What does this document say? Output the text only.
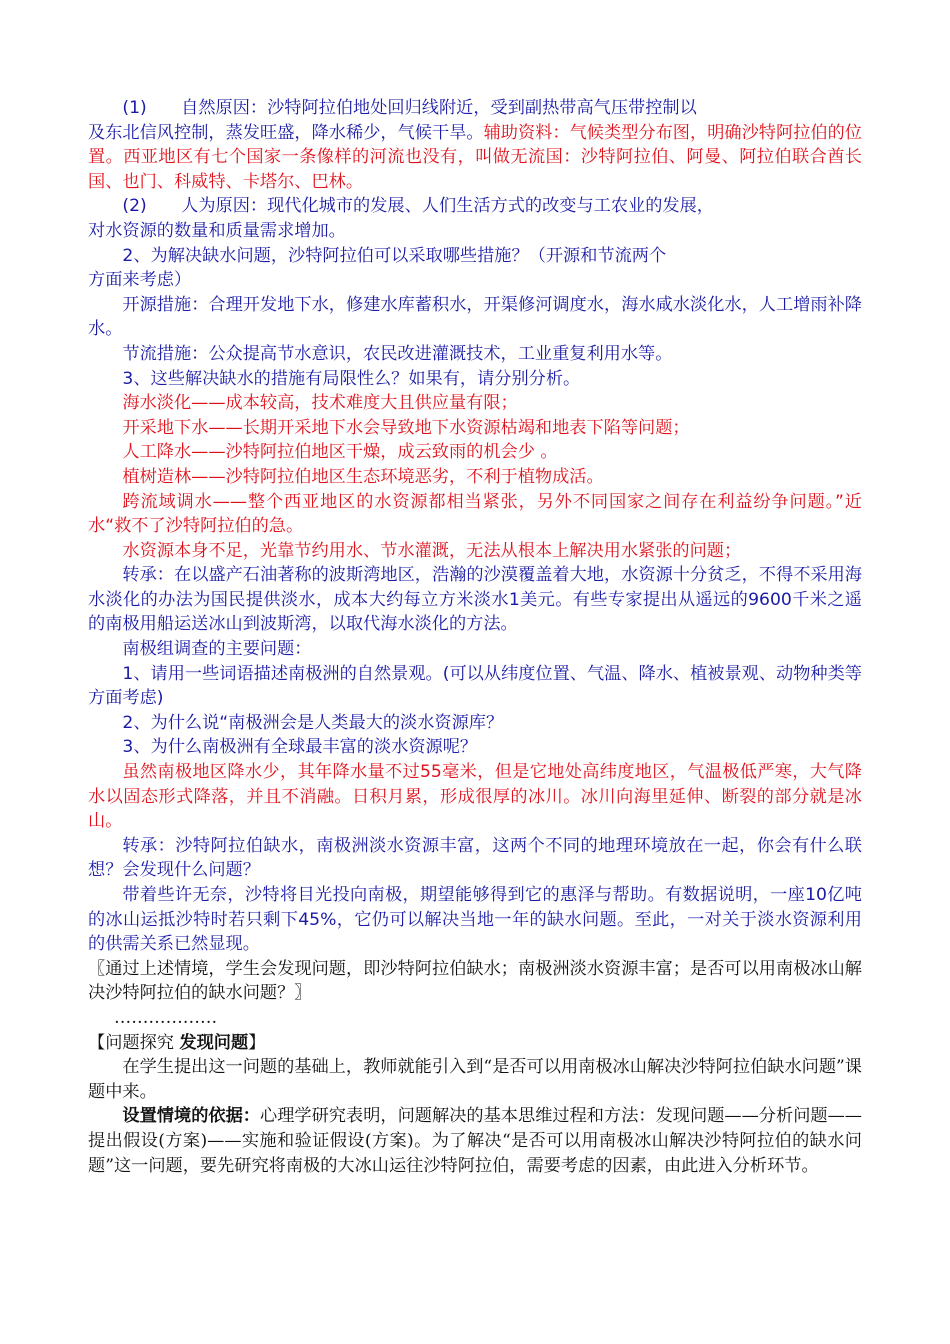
(1) 自然原因：沙特阿拉伯地处回归线附近，受到副热带高气压带控制以

及东北信风控制，蒸发旺盛，降水稀少，气候干旱。辅助资料：气候类型分布图，明确沙特阿拉伯的位置。西亚地区有七个国家一条像样的河流也没有，叫做无流国：沙特阿拉伯、阿曼、阿拉伯联合酋长国、也门、科威特、卡塔尔、巴林。

(2) 人为原因：现代化城市的发展、人们生活方式的改变与工农业的发展，

对水资源的数量和质量需求增加。

2、为解决缺水问题，沙特阿拉伯可以采取哪些措施？（开源和节流两个

方面来考虑）

开源措施：合理开发地下水，修建水库蓄积水，开渠修河调度水，海水咸水淡化水，人工增雨补降水。

节流措施：公众提高节水意识，农民改进灌溉技术，工业重复利用水等。

3、这些解决缺水的措施有局限性么？如果有，请分别分析。

海水淡化——成本较高，技术难度大且供应量有限；

开采地下水——长期开采地下水会导致地下水资源枯竭和地表下陷等问题；

人工降水——沙特阿拉伯地区干燥，成云致雨的机会少 。

植树造林——沙特阿拉伯地区生态环境恶劣，不利于植物成活。

跨流域调水——整个西亚地区的水资源都相当紧张，另外不同国家之间存在利益纷争问题。”近水“救不了沙特阿拉伯的急。

水资源本身不足，光靠节约用水、节水灌溉，无法从根本上解决用水紧张的问题；

转承：在以盛产石油著称的波斯湾地区，浩瀚的沙漠覆盖着大地，水资源十分贫乏，不得不采用海水淡化的办法为国民提供淡水，成本大约每立方米淡水1美元。有些专家提出从遥远的9600千米之遥的南极用船运送冰山到波斯湾，以取代海水淡化的方法。

南极组调查的主要问题：

1、请用一些词语描述南极洲的自然景观。(可以从纬度位置、气温、降水、植被景观、动物种类等方面考虑)

2、为什么说“南极洲会是人类最大的淡水资源库？

3、为什么南极洲有全球最丰富的淡水资源呢？

虽然南极地区降水少，其年降水量不过55毫米，但是它地处高纬度地区，气温极低严寒，大气降水以固态形式降落，并且不消融。日积月累，形成很厚的冰川。冰川向海里延伸、断裂的部分就是冰山。

转承：沙特阿拉伯缺水，南极洲淡水资源丰富，这两个不同的地理环境放在一起，你会有什么联想？会发现什么问题？

带着些许无奈，沙特将目光投向南极，期望能够得到它的惠泽与帮助。有数据说明，一座10亿吨的冰山运抵沙特时若只剩下45%，它仍可以解决当地一年的缺水问题。至此，一对关于淡水资源利用的供需关系已然显现。

〖通过上述情境，学生会发现问题，即沙特阿拉伯缺水；南极洲淡水资源丰富；是否可以用南极冰山解决沙特阿拉伯的缺水问题？〗

………………

【问题探究 发现问题】

在学生提出这一问题的基础上，教师就能引入到“是否可以用南极冰山解决沙特阿拉伯缺水问题”课题中来。

设置情境的依据：心理学研究表明，问题解决的基本思维过程和方法：发现问题——分析问题——提出假设(方案)——实施和验证假设(方案)。为了解决“是否可以用南极冰山解决沙特阿拉伯的缺水问题”这一问题，要先研究将南极的大冰山运往沙特阿拉伯，需要考虑的因素，由此进入分析环节。
